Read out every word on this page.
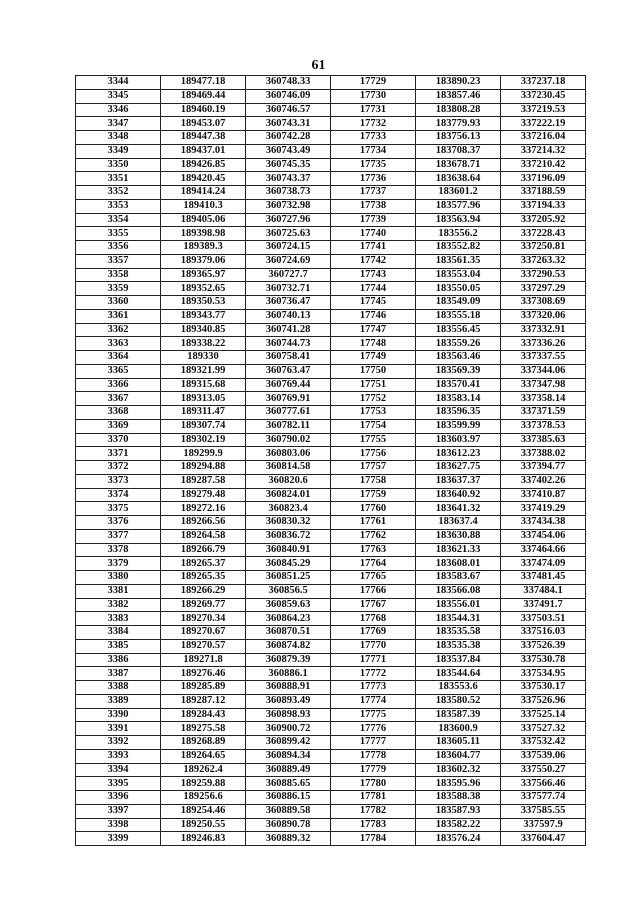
61
3344	189477.18	360748.33	17729	183890.23	337237.18
3345	189469.44	360746.09	17730	183857.46	337230.45
3346	189460.19	360746.57	17731	183808.28	337219.53
3347	189453.07	360743.31	17732	183779.93	337222.19
3348	189447.38	360742.28	17733	183756.13	337216.04
3349	189437.01	360743.49	17734	183708.37	337214.32
3350	189426.85	360745.35	17735	183678.71	337210.42
3351	189420.45	360743.37	17736	183638.64	337196.09
3352	189414.24	360738.73	17737	183601.2	337188.59
3353	189410.3	360732.98	17738	183577.96	337194.33
3354	189405.06	360727.96	17739	183563.94	337205.92
3355	189398.98	360725.63	17740	183556.2	337228.43
3356	189389.3	360724.15	17741	183552.82	337250.81
3357	189379.06	360724.69	17742	183561.35	337263.32
3358	189365.97	360727.7	17743	183553.04	337290.53
3359	189352.65	360732.71	17744	183550.05	337297.29
3360	189350.53	360736.47	17745	183549.09	337308.69
3361	189343.77	360740.13	17746	183555.18	337320.06
3362	189340.85	360741.28	17747	183556.45	337332.91
3363	189338.22	360744.73	17748	183559.26	337336.26
3364	189330	360758.41	17749	183563.46	337337.55
3365	189321.99	360763.47	17750	183569.39	337344.06
3366	189315.68	360769.44	17751	183570.41	337347.98
3367	189313.05	360769.91	17752	183583.14	337358.14
3368	189311.47	360777.61	17753	183596.35	337371.59
3369	189307.74	360782.11	17754	183599.99	337378.53
3370	189302.19	360790.02	17755	183603.97	337385.63
3371	189299.9	360803.06	17756	183612.23	337388.02
3372	189294.88	360814.58	17757	183627.75	337394.77
3373	189287.58	360820.6	17758	183637.37	337402.26
3374	189279.48	360824.01	17759	183640.92	337410.87
3375	189272.16	360823.4	17760	183641.32	337419.29
3376	189266.56	360830.32	17761	183637.4	337434.38
3377	189264.58	360836.72	17762	183630.88	337454.06
3378	189266.79	360840.91	17763	183621.33	337464.66
3379	189265.37	360845.29	17764	183608.01	337474.09
3380	189265.35	360851.25	17765	183583.67	337481.45
3381	189266.29	360856.5	17766	183566.08	337484.1
3382	189269.77	360859.63	17767	183556.01	337491.7
3383	189270.34	360864.23	17768	183544.31	337503.51
3384	189270.67	360870.51	17769	183535.58	337516.03
3385	189270.57	360874.82	17770	183535.38	337526.39
3386	189271.8	360879.39	17771	183537.84	337530.78
3387	189276.46	360886.1	17772	183544.64	337534.95
3388	189285.89	360888.91	17773	183553.6	337530.17
3389	189287.12	360893.49	17774	183580.52	337526.96
3390	189284.43	360898.93	17775	183587.39	337525.14
3391	189275.58	360900.72	17776	183600.9	337527.32
3392	189268.89	360899.42	17777	183605.11	337532.42
3393	189264.65	360894.34	17778	183604.77	337539.06
3394	189262.4	360889.49	17779	183602.32	337550.27
3395	189259.88	360885.65	17780	183595.96	337566.46
3396	189256.6	360886.15	17781	183588.38	337577.74
3397	189254.46	360889.58	17782	183587.93	337585.55
3398	189250.55	360890.78	17783	183582.22	337597.9
3399	189246.83	360889.32	17784	183576.24	337604.47
